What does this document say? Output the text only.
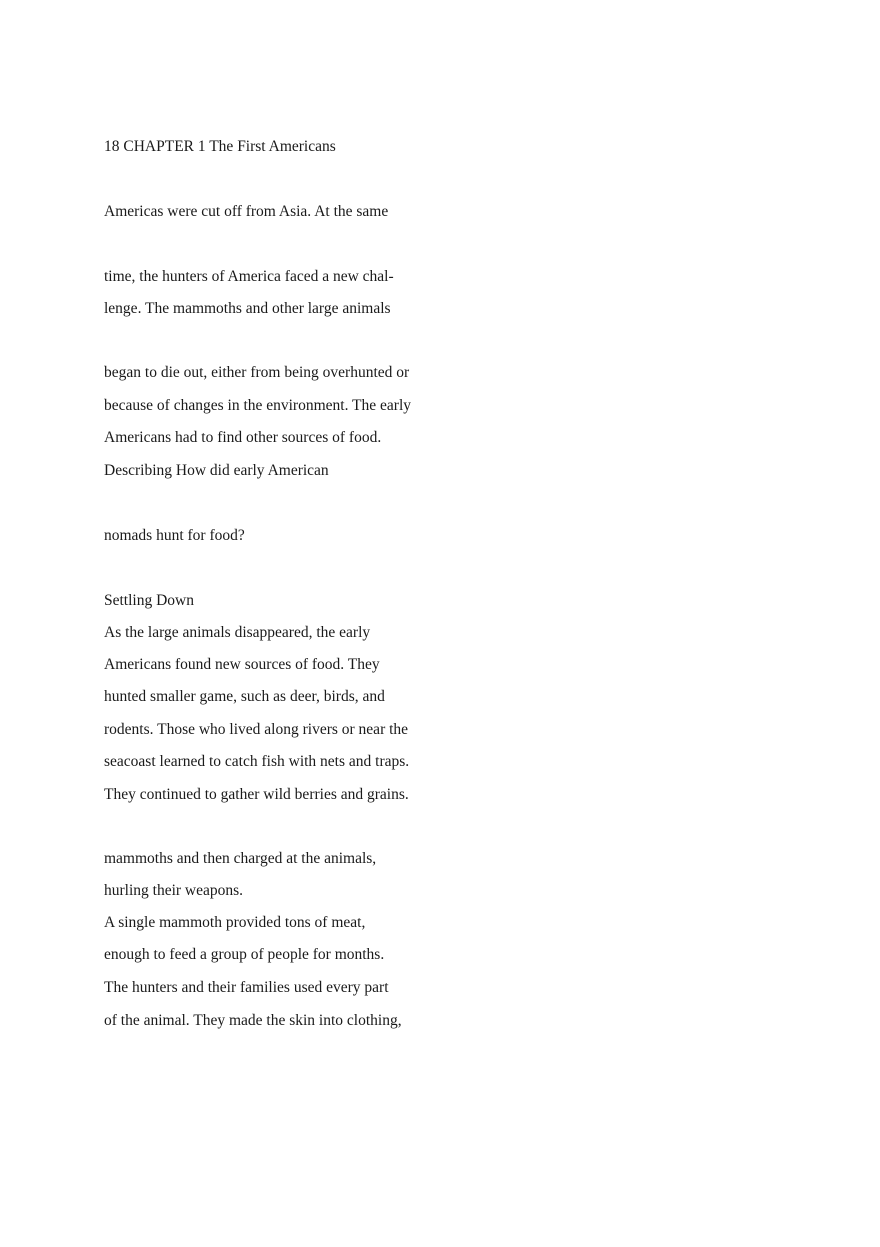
18 CHAPTER 1 The First Americans
Americas were cut off from Asia. At the same
time, the hunters of America faced a new chal-
lenge. The mammoths and other large animals
began to die out, either from being overhunted or
because of changes in the environment. The early
Americans had to find other sources of food.
Describing How did early American
nomads hunt for food?
Settling Down
As the large animals disappeared, the early
Americans found new sources of food. They
hunted smaller game, such as deer, birds, and
rodents. Those who lived along rivers or near the
seacoast learned to catch fish with nets and traps.
They continued to gather wild berries and grains.
mammoths and then charged at the animals,
hurling their weapons.
A single mammoth provided tons of meat,
enough to feed a group of people for months.
The hunters and their families used every part
of the animal. They made the skin into clothing,
